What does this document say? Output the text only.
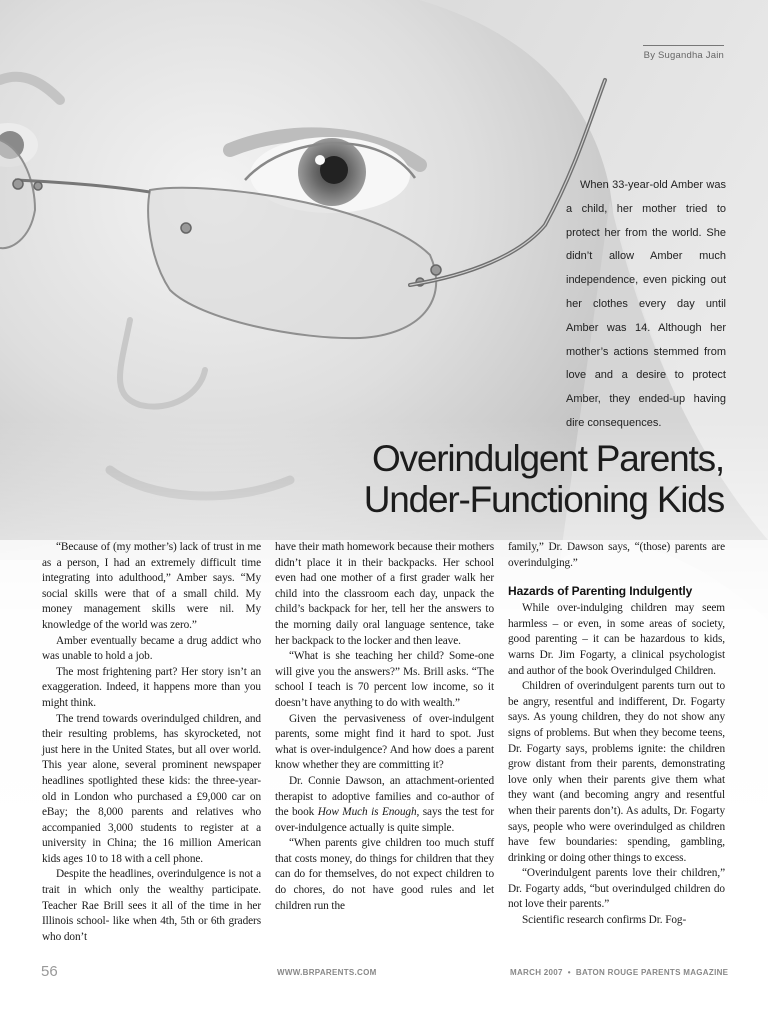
By Sugandha Jain
When 33-year-old Amber was a child, her mother tried to protect her from the world. She didn’t allow Amber much independence, even picking out her clothes every day until Amber was 14. Although her mother’s actions stemmed from love and a desire to protect Amber, they ended-up having dire consequences.
Overindulgent Parents,
Under-Functioning Kids

“Because of (my mother’s) lack of trust in me as a person, I had an extremely difficult time integrating into adulthood,” Amber says. “My social skills were that of a small child. My money management skills were nil. My knowledge of the world was zero.”

Amber eventually became a drug addict who was unable to hold a job.

The most frightening part? Her story isn’t an exaggeration. Indeed, it happens more than you might think.

The trend towards overindulged children, and their resulting problems, has skyrocketed, not just here in the United States, but all over world. This year alone, several prominent newspaper headlines spotlighted these kids: the three-year-old in London who purchased a £9,000 car on eBay; the 8,000 parents and relatives who accompanied 3,000 students to register at a university in China; the 16 million American kids ages 10 to 18 with a cell phone.

Despite the headlines, overindulgence is not a trait in which only the wealthy participate. Teacher Rae Brill sees it all of the time in her Illinois school- like when 4th, 5th or 6th graders who don’t

have their math homework because their mothers didn’t place it in their backpacks. Her school even had one mother of a first grader walk her child into the classroom each day, unpack the child’s backpack for her, tell her the answers to the morning daily oral language sentence, take her backpack to the locker and then leave.

“What is she teaching her child? Some-one will give you the answers?” Ms. Brill asks. “The school I teach is 70 percent low income, so it doesn’t have anything to do with wealth.”

Given the pervasiveness of over-indulgent parents, some might find it hard to spot. Just what is over-indulgence? And how does a parent know whether they are committing it?

Dr. Connie Dawson, an attachment-oriented therapist to adoptive families and co-author of the book How Much is Enough, says the test for over-indulgence actually is quite simple.

“When parents give children too much stuff that costs money, do things for children that they can do for themselves, do not expect children to do chores, do not have good rules and let children run the

family,” Dr. Dawson says, “(those) parents are overindulging.”

Hazards of Parenting Indulgently

While over-indulging children may seem harmless – or even, in some areas of society, good parenting – it can be hazardous to kids, warns Dr. Jim Fogarty, a clinical psychologist and author of the book Overindulged Children.

Children of overindulgent parents turn out to be angry, resentful and indifferent, Dr. Fogarty says. As young children, they do not show any signs of problems. But when they become teens, Dr. Fogarty says, problems ignite: the children grow distant from their parents, demonstrating love only when their parents give them what they want (and becoming angry and resentful when their parents don’t). As adults, Dr. Fogarty says, people who were overindulged as children have few boundaries: spending, gambling, drinking or doing other things to excess.

“Overindulgent parents love their children,” Dr. Fogarty adds, “but overindulged children do not love their parents.”

Scientific research confirms Dr. Fog-

56	WWW.BRPARENTS.COM	MARCH 2007 • BATON ROUGE PARENTS MAGAZINE
